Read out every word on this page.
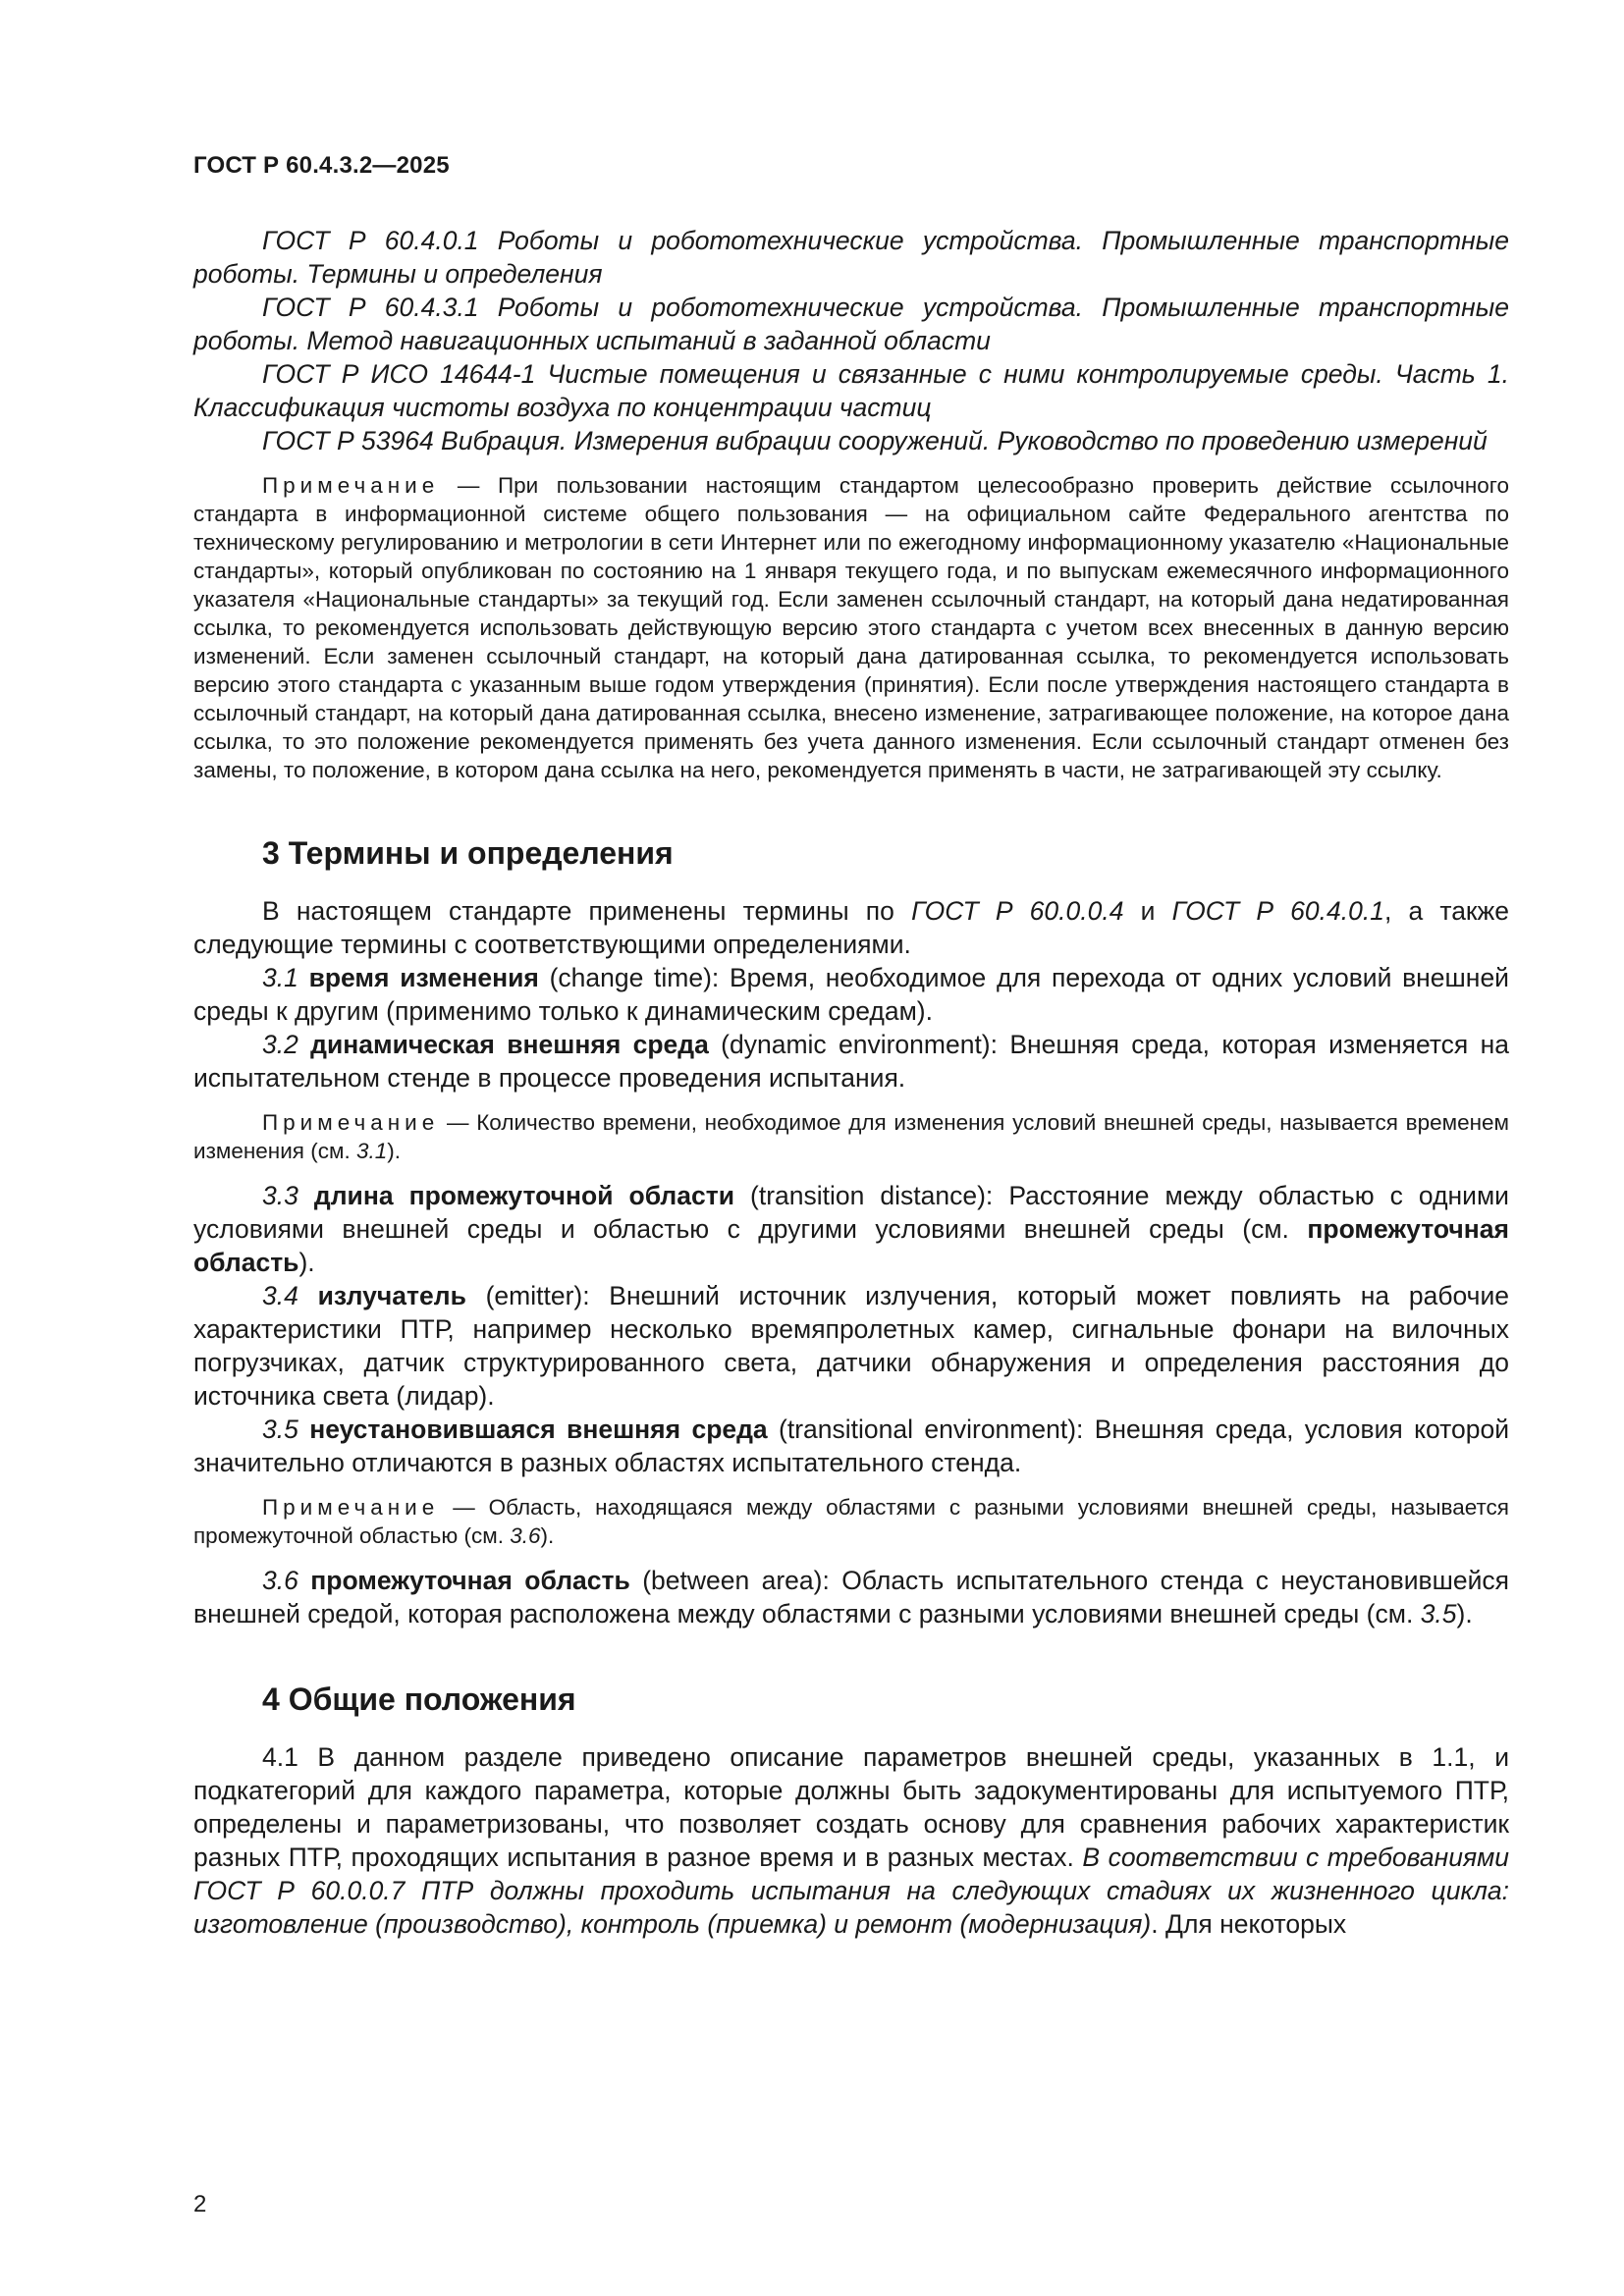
ГОСТ Р 60.4.3.2—2025

ГОСТ Р 60.4.0.1 Роботы и робототехнические устройства. Промышленные транспортные роботы. Термины и определения

ГОСТ Р 60.4.3.1 Роботы и робототехнические устройства. Промышленные транспортные роботы. Метод навигационных испытаний в заданной области

ГОСТ Р ИСО 14644-1 Чистые помещения и связанные с ними контролируемые среды. Часть 1. Классификация чистоты воздуха по концентрации частиц

ГОСТ Р 53964 Вибрация. Измерения вибрации сооружений. Руководство по проведению измерений

Примечание — При пользовании настоящим стандартом целесообразно проверить действие ссылочного стандарта в информационной системе общего пользования — на официальном сайте Федерального агентства по техническому регулированию и метрологии в сети Интернет или по ежегодному информационному указателю «Национальные стандарты», который опубликован по состоянию на 1 января текущего года, и по выпускам ежемесячного информационного указателя «Национальные стандарты» за текущий год. Если заменен ссылочный стандарт, на который дана недатированная ссылка, то рекомендуется использовать действующую версию этого стандарта с учетом всех внесенных в данную версию изменений. Если заменен ссылочный стандарт, на который дана датированная ссылка, то рекомендуется использовать версию этого стандарта с указанным выше годом утверждения (принятия). Если после утверждения настоящего стандарта в ссылочный стандарт, на который дана датированная ссылка, внесено изменение, затрагивающее положение, на которое дана ссылка, то это положение рекомендуется применять без учета данного изменения. Если ссылочный стандарт отменен без замены, то положение, в котором дана ссылка на него, рекомендуется применять в части, не затрагивающей эту ссылку.

3 Термины и определения

В настоящем стандарте применены термины по ГОСТ Р 60.0.0.4 и ГОСТ Р 60.4.0.1, а также следующие термины с соответствующими определениями.

3.1 время изменения (change time): Время, необходимое для перехода от одних условий внешней среды к другим (применимо только к динамическим средам).

3.2 динамическая внешняя среда (dynamic environment): Внешняя среда, которая изменяется на испытательном стенде в процессе проведения испытания.

Примечание — Количество времени, необходимое для изменения условий внешней среды, называется временем изменения (см. 3.1).

3.3 длина промежуточной области (transition distance): Расстояние между областью с одними условиями внешней среды и областью с другими условиями внешней среды (см. промежуточная область).

3.4 излучатель (emitter): Внешний источник излучения, который может повлиять на рабочие характеристики ПТР, например несколько времяпролетных камер, сигнальные фонари на вилочных погрузчиках, датчик структурированного света, датчики обнаружения и определения расстояния до источника света (лидар).

3.5 неустановившаяся внешняя среда (transitional environment): Внешняя среда, условия которой значительно отличаются в разных областях испытательного стенда.

Примечание — Область, находящаяся между областями с разными условиями внешней среды, называется промежуточной областью (см. 3.6).

3.6 промежуточная область (between area): Область испытательного стенда с неустановившейся внешней средой, которая расположена между областями с разными условиями внешней среды (см. 3.5).

4 Общие положения

4.1 В данном разделе приведено описание параметров внешней среды, указанных в 1.1, и подкатегорий для каждого параметра, которые должны быть задокументированы для испытуемого ПТР, определены и параметризованы, что позволяет создать основу для сравнения рабочих характеристик разных ПТР, проходящих испытания в разное время и в разных местах. В соответствии с требованиями ГОСТ Р 60.0.0.7 ПТР должны проходить испытания на следующих стадиях их жизненного цикла: изготовление (производство), контроль (приемка) и ремонт (модернизация). Для некоторых

2
